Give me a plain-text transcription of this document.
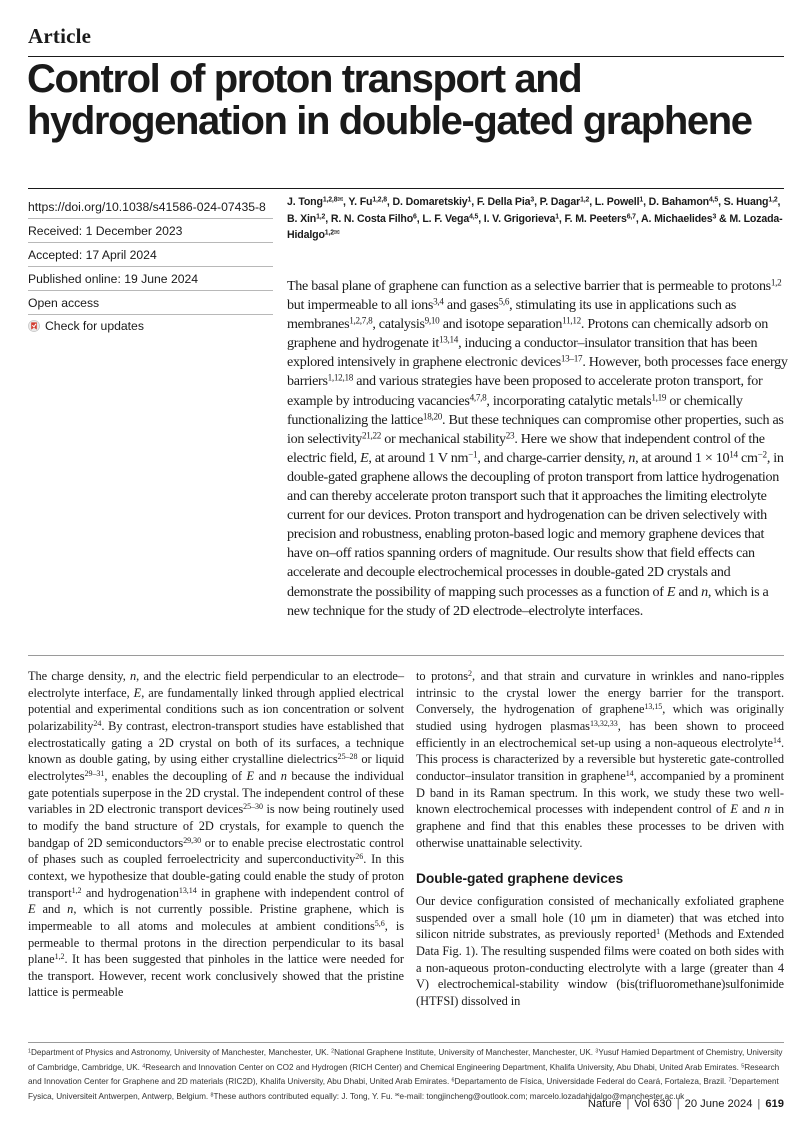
Article
Control of proton transport and hydrogenation in double-gated graphene
https://doi.org/10.1038/s41586-024-07435-8
Received: 1 December 2023
Accepted: 17 April 2024
Published online: 19 June 2024
Open access
Check for updates
J. Tong$^{1,2,8✉}$, Y. Fu$^{1,2,8}$, D. Domaretskiy$^1$, F. Della Pia$^3$, P. Dagar$^{1,2}$, L. Powell$^1$, D. Bahamon$^{4,5}$, S. Huang$^{1,2}$, B. Xin$^{1,2}$, R. N. Costa Filho$^6$, L. F. Vega$^{4,5}$, I. V. Grigorieva$^1$, F. M. Peeters$^{6,7}$, A. Michaelides$^3$ & M. Lozada-Hidalgo$^{1,2✉}$

The basal plane of graphene can function as a selective barrier that is permeable to protons$^{1,2}$ but impermeable to all ions$^{3,4}$ and gases$^{5,6}$, stimulating its use in applications such as membranes$^{1,2,7,8}$, catalysis$^{9,10}$ and isotope separation$^{11,12}$. Protons can chemically adsorb on graphene and hydrogenate it$^{13,14}$, inducing a conductor–insulator transition that has been explored intensively in graphene electronic devices$^{13-17}$. However, both processes face energy barriers$^{1,12,18}$ and various strategies have been proposed to accelerate proton transport, for example by introducing vacancies$^{4,7,8}$, incorporating catalytic metals$^{1,19}$ or chemically functionalizing the lattice$^{18,20}$. But these techniques can compromise other properties, such as ion selectivity$^{21,22}$ or mechanical stability$^{23}$. Here we show that independent control of the electric field, E, at around 1 V $nm^{-1}$, and charge-carrier density, n, at around $1 \times 10^{14}$ $cm^{-2}$, in double-gated graphene allows the decoupling of proton transport from lattice hydrogenation and can thereby accelerate proton transport such that it approaches the limiting electrolyte current for our devices. Proton transport and hydrogenation can be driven selectively with precision and robustness, enabling proton-based logic and memory graphene devices that have on–off ratios spanning orders of magnitude. Our results show that field effects can accelerate and decouple electrochemical processes in double-gated 2D crystals and demonstrate the possibility of mapping such processes as a function of E and n, which is a new technique for the study of 2D electrode–electrolyte interfaces.

The charge density, n, and the electric field perpendicular to an electrode–electrolyte interface, E, are fundamentally linked through applied electrical potential and experimental conditions such as ion concentration or solvent polarizability$^{24}$. By contrast, electron-transport studies have established that electrostatically gating a 2D crystal on both of its surfaces, a technique known as double gating, by using either crystalline dielectrics$^{25-28}$ or liquid electrolytes$^{29-31}$, enables the decoupling of E and n because the individual gate potentials superpose in the 2D crystal. The independent control of these variables in 2D electronic transport devices$^{25-30}$ is now being routinely used to modify the band structure of 2D crystals, for example to quench the bandgap of 2D semiconductors$^{29,30}$ or to enable precise electrostatic control of phases such as coupled ferroelectricity and superconductivity$^{26}$. In this context, we hypothesize that double-gating could enable the study of proton transport$^{1,2}$ and hydrogenation$^{13,14}$ in graphene with independent control of E and n, which is not currently possible. Pristine graphene, which is impermeable to all atoms and molecules at ambient conditions$^{5,6}$, is permeable to thermal protons in the direction perpendicular to its basal plane$^{1,2}$. It has been suggested that pinholes in the lattice were needed for the transport. However, recent work conclusively showed that the pristine lattice is permeable

to protons$^2$, and that strain and curvature in wrinkles and nano-ripples intrinsic to the crystal lower the energy barrier for the transport. Conversely, the hydrogenation of graphene$^{13,15}$, which was originally studied using hydrogen plasmas$^{13,32,33}$, has been shown to proceed efficiently in an electrochemical set-up using a non-aqueous electrolyte$^{14}$. This process is characterized by a reversible but hysteretic gate-controlled conductor–insulator transition in graphene$^{14}$, accompanied by a prominent D band in its Raman spectrum. In this work, we study these two well-known electrochemical processes with independent control of E and n in graphene and find that this enables these processes to be driven with otherwise unattainable selectivity.

Double-gated graphene devices

Our device configuration consisted of mechanically exfoliated graphene suspended over a small hole (10 μm in diameter) that was etched into silicon nitride substrates, as previously reported$^1$ (Methods and Extended Data Fig. 1). The resulting suspended films were coated on both sides with a non-aqueous proton-conducting electrolyte with a large (greater than 4 V) electrochemical-stability window (bis(trifluoromethane)sulfonimide (HTFSI) dissolved in

$^1$Department of Physics and Astronomy, University of Manchester, Manchester, UK. $^2$National Graphene Institute, University of Manchester, Manchester, UK. $^3$Yusuf Hamied Department of Chemistry, University of Cambridge, Cambridge, UK. $^4$Research and Innovation Center on CO2 and Hydrogen (RICH Center) and Chemical Engineering Department, Khalifa University, Abu Dhabi, United Arab Emirates. $^5$Research and Innovation Center for Graphene and 2D materials (RIC2D), Khalifa University, Abu Dhabi, United Arab Emirates. $^6$Departamento de Física, Universidade Federal do Ceará, Fortaleza, Brazil. $^7$Departement Fysica, Universiteit Antwerpen, Antwerp, Belgium. $^8$These authors contributed equally: J. Tong, Y. Fu. ✉e-mail: tongjincheng@outlook.com; marcelo.lozadahidalgo@manchester.ac.uk
Nature | Vol 630 | 20 June 2024 | 619
